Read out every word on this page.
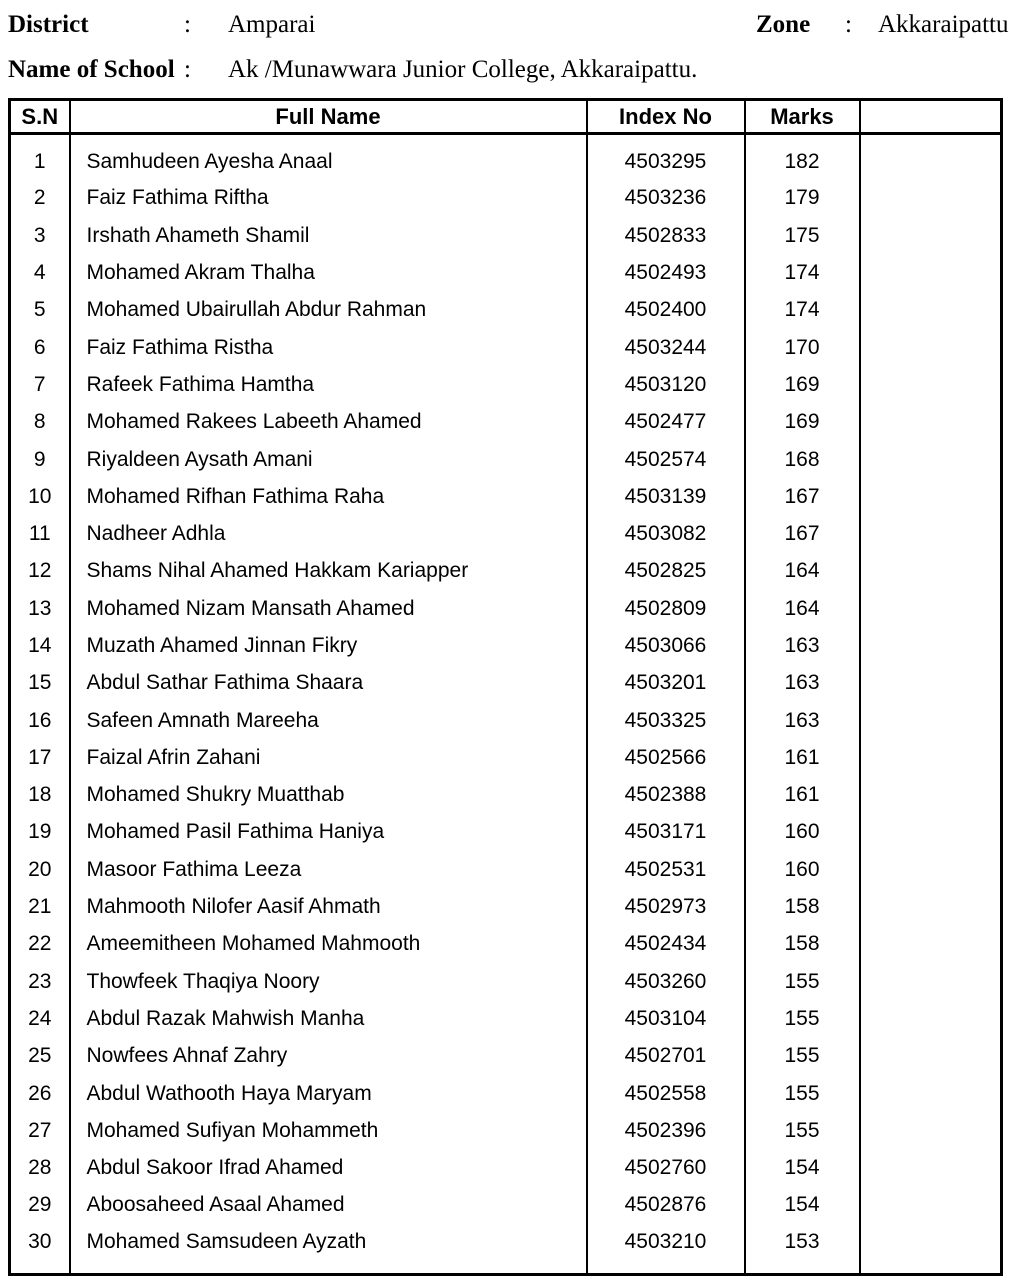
District	: Amparai	Zone : Akkaraipattu
Name of School : Ak /Munawwara Junior College, Akkaraipattu.
S.N	Full Name	Index No	Marks	
1	Samhudeen Ayesha Anaal	4503295	182	
2	Faiz Fathima Riftha	4503236	179	
3	Irshath Ahameth Shamil	4502833	175	
4	Mohamed Akram Thalha	4502493	174	
5	Mohamed Ubairullah Abdur Rahman	4502400	174	
6	Faiz Fathima Ristha	4503244	170	
7	Rafeek Fathima Hamtha	4503120	169	
8	Mohamed Rakees Labeeth Ahamed	4502477	169	
9	Riyaldeen Aysath Amani	4502574	168	
10	Mohamed Rifhan Fathima Raha	4503139	167	
11	Nadheer Adhla	4503082	167	
12	Shams Nihal Ahamed Hakkam Kariapper	4502825	164	
13	Mohamed Nizam Mansath Ahamed	4502809	164	
14	Muzath Ahamed Jinnan Fikry	4503066	163	
15	Abdul Sathar Fathima Shaara	4503201	163	
16	Safeen Amnath Mareeha	4503325	163	
17	Faizal Afrin Zahani	4502566	161	
18	Mohamed Shukry Muatthab	4502388	161	
19	Mohamed Pasil Fathima Haniya	4503171	160	
20	Masoor Fathima Leeza	4502531	160	
21	Mahmooth Nilofer Aasif Ahmath	4502973	158	
22	Ameemitheen Mohamed Mahmooth	4502434	158	
23	Thowfeek Thaqiya Noory	4503260	155	
24	Abdul Razak Mahwish Manha	4503104	155	
25	Nowfees Ahnaf Zahry	4502701	155	
26	Abdul Wathooth Haya Maryam	4502558	155	
27	Mohamed Sufiyan Mohammeth	4502396	155	
28	Abdul Sakoor Ifrad Ahamed	4502760	154	
29	Aboosaheed Asaal Ahamed	4502876	154	
30	Mohamed Samsudeen Ayzath	4503210	153	
